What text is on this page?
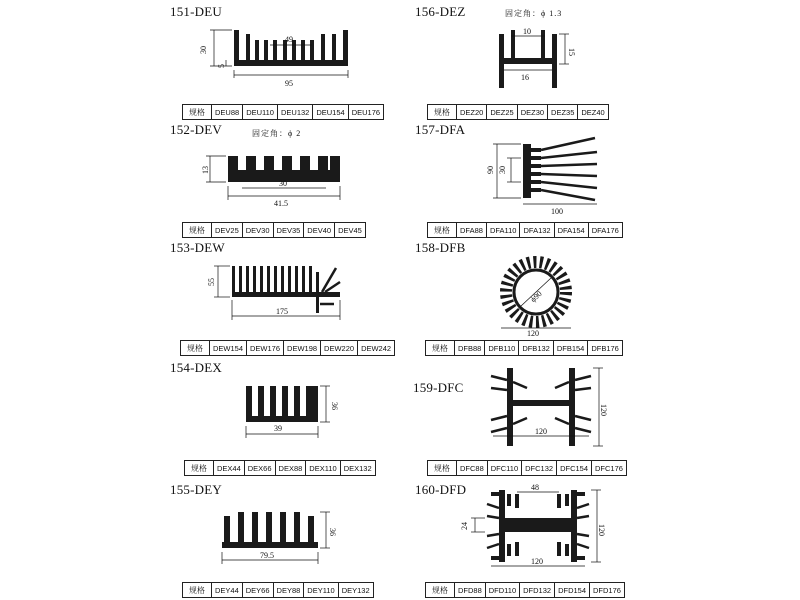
151-DEU
30
5
49
95
规格	DEU88	DEU110	DEU132	DEU154	DEU176
152-DEV	固定角：ϕ 2
13
30
41.5
规格	DEV25	DEV30	DEV35	DEV40	DEV45
153-DEW
55
175
规格	DEW154	DEW176	DEW198	DEW220	DEW242
154-DEX
36
39
规格	DEX44	DEX66	DEX88	DEX110	DEX132
155-DEY
36
79.5
规格	DEY44	DEY66	DEY88	DEY110	DEY132
156-DEZ	固定角：ϕ 1.3
10
15
16
规格	DEZ20	DEZ25	DEZ30	DEZ35	DEZ40
157-DFA
90 30
100
规格	DFA88	DFA110	DFA132	DFA154	DFA176
158-DFB
ϕ90
120
规格	DFB88	DFB110	DFB132	DFB154	DFB176
159-DFC
120
120
规格	DFC88	DFC110	DFC132	DFC154	DFC176
160-DFD	48
24	120
120
规格	DFD88	DFD110	DFD132	DFD154	DFD176
